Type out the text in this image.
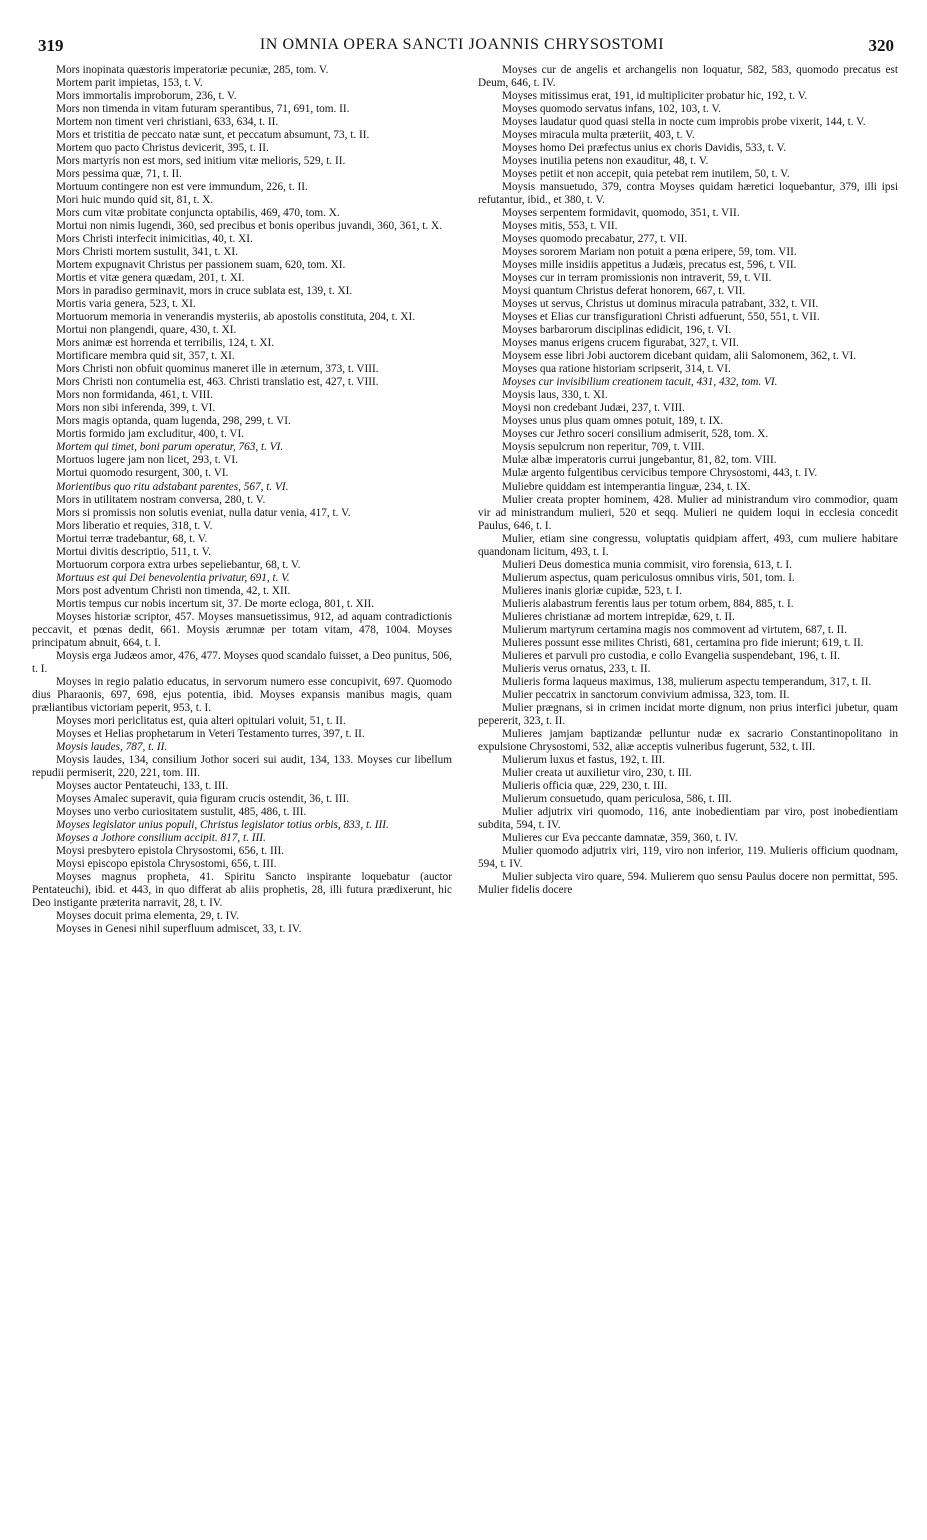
319	IN OMNIA OPERA SANCTI JOANNIS CHRYSOSTOMI	320

Mors inopinata quæstoris imperatoriæ pecuniæ, 285, tom. V.

Mortem parit impietas, 153, t. V.

Mors immortalis improborum, 236, t. V.

Mors non timenda in vitam futuram sperantibus, 71, 691, tom. II.

Mortem non timent veri christiani, 633, 634, t. II.

Mors et tristitia de peccato natæ sunt, et peccatum absumunt, 73, t. II.

Mortem quo pacto Christus devicerit, 395, t. II.

Mors martyris non est mors, sed initium vitæ melioris, 529, t. II.

Mors pessima quæ, 71, t. II.

Mortuum contingere non est vere immundum, 226, t. II.

Mori huic mundo quid sit, 81, t. X.

Mors cum vitæ probitate conjuncta optabilis, 469, 470, tom. X.

Mortui non nimis lugendi, 360, sed precibus et bonis operibus juvandi, 360, 361, t. X.

Mors Christi interfecit inimicitias, 40, t. XI.

Mors Christi mortem sustulit, 341, t. XI.

Mortem expugnavit Christus per passionem suam, 620, tom. XI.

Mortis et vitæ genera quædam, 201, t. XI.

Mors in paradiso germinavit, mors in cruce sublata est, 139, t. XI.

Mortis varia genera, 523, t. XI.

Mortuorum memoria in venerandis mysteriis, ab apostolis constituta, 204, t. XI.

Mortui non plangendi, quare, 430, t. XI.

Mors animæ est horrenda et terribilis, 124, t. XI.

Mortificare membra quid sit, 357, t. XI.

Mors Christi non obfuit quominus maneret ille in æternum, 373, t. VIII.

Mors Christi non contumelia est, 463. Christi translatio est, 427, t. VIII.

Mors non formidanda, 461, t. VIII.

Mors non sibi inferenda, 399, t. VI.

Mors magis optanda, quam lugenda, 298, 299, t. VI.

Mortis formido jam excluditur, 400, t. VI.

Mortem qui timet, boni parum operatur, 763, t. VI.

Mortuos lugere jam non licet, 293, t. VI.

Mortui quomodo resurgent, 300, t. VI.

Morientibus quo ritu adstabant parentes, 567, t. VI.

Mors in utilitatem nostram conversa, 280, t. V.

Mors si promissis non solutis eveniat, nulla datur venia, 417, t. V.

Mors liberatio et requies, 318, t. V.

Mortui terræ tradebantur, 68, t. V.

Mortui divitis descriptio, 511, t. V.

Mortuorum corpora extra urbes sepeliebantur, 68, t. V.

Mortuus est qui Dei benevolentia privatur, 691, t. V.

Mors post adventum Christi non timenda, 42, t. XII.

Mortis tempus cur nobis incertum sit, 37. De morte ecloga, 801, t. XII.

Moyses historiæ scriptor, 457. Moyses mansuetissimus, 912, ad aquam contradictionis peccavit, et pœnas dedit, 661. Moysis ærumnæ per totam vitam, 478, 1004. Moyses principatum abnuit, 664, t. I.

Moysis erga Judæos amor, 476, 477. Moyses quod scandalo fuisset, a Deo punitus, 506, t. I.

Moyses in regio palatio educatus, in servorum numero esse concupivit, 697. Quomodo dius Pharaonis, 697, 698, ejus potentia, ibid. Moyses expansis manibus magis, quam præliantibus victoriam peperit, 953, t. I.

Moyses mori periclitatus est, quia alteri opitulari voluit, 51, t. II.

Moyses et Helias prophetarum in Veteri Testamento turres, 397, t. II.

Moysis laudes, 787, t. II.

Moysis laudes, 134, consilium Jothor soceri sui audit, 134, 133. Moyses cur libellum repudii permiserit, 220, 221, tom. III.

Moyses auctor Pentateuchi, 133, t. III.

Moyses Amalec superavit, quia figuram crucis ostendit, 36, t. III.

Moyses uno verbo curiositatem sustulit, 485, 486, t. III.

Moyses legislator unius populi, Christus legislator totius orbis, 833, t. III.

Moyses a Jothore consilium accipit. 817, t. III.

Moysi presbytero epistola Chrysostomi, 656, t. III.

Moysi episcopo epistola Chrysostomi, 656, t. III.

Moyses magnus propheta, 41. Spiritu Sancto inspirante loquebatur (auctor Pentateuchi), ibid. et 443, in quo differat ab aliis prophetis, 28, illi futura prædixerunt, hic Deo instigante præterita narravit, 28, t. IV.

Moyses docuit prima elementa, 29, t. IV.

Moyses in Genesi nihil superfluum admiscet, 33, t. IV.

Moyses cur de angelis et archangelis non loquatur, 582, 583, quomodo precatus est Deum, 646, t. IV.

Moyses mitissimus erat, 191, id multipliciter probatur hic, 192, t. V.

Moyses quomodo servatus infans, 102, 103, t. V.

Moyses laudatur quod quasi stella in nocte cum improbis probe vixerit, 144, t. V.

Moyses miracula multa præteriit, 403, t. V.

Moyses homo Dei præfectus unius ex choris Davidis, 533, t. V.

Moyses inutilia petens non exauditur, 48, t. V.

Moyses petiit et non accepit, quia petebat rem inutilem, 50, t. V.

Moysis mansuetudo, 379, contra Moyses quidam hæretici loquebantur, 379, illi ipsi refutantur, ibid., et 380, t. V.

Moyses serpentem formidavit, quomodo, 351, t. VII.

Moyses mitis, 553, t. VII.

Moyses quomodo precabatur, 277, t. VII.

Moyses sororem Mariam non potuit a pœna eripere, 59, tom. VII.

Moyses mille insidiis appetitus a Judæis, precatus est, 596, t. VII.

Moyses cur in terram promissionis non intraverit, 59, t. VII.

Moysi quantum Christus deferat honorem, 667, t. VII.

Moyses ut servus, Christus ut dominus miracula patrabant, 332, t. VII.

Moyses et Elias cur transfigurationi Christi adfuerunt, 550, 551, t. VII.

Moyses barbarorum disciplinas edidicit, 196, t. VI.

Moyses manus erigens crucem figurabat, 327, t. VII.

Moysem esse libri Jobi auctorem dicebant quidam, alii Salomonem, 362, t. VI.

Moyses qua ratione historiam scripserit, 314, t. VI.

Moyses cur invisibilium creationem tacuit, 431, 432, tom. VI.

Moysis laus, 330, t. XI.

Moysi non credebant Judæi, 237, t. VIII.

Moyses unus plus quam omnes potuit, 189, t. IX.

Moyses cur Jethro soceri consilium admiserit, 528, tom. X.

Moysis sepulcrum non reperitur, 709, t. VIII.

Mulæ albæ imperatoris currui jungebantur, 81, 82, tom. VIII.

Mulæ argento fulgentibus cervicibus tempore Chrysostomi, 443, t. IV.

Muliebre quiddam est intemperantia linguæ, 234, t. IX.

Mulier creata propter hominem, 428. Mulier ad ministrandum viro commodior, quam vir ad ministrandum mulieri, 520 et seqq. Mulieri ne quidem loqui in ecclesia concedit Paulus, 646, t. I.

Mulier, etiam sine congressu, voluptatis quidpiam affert, 493, cum muliere habitare quandonam licitum, 493, t. I.

Mulieri Deus domestica munia commisit, viro forensia, 613, t. I.

Mulierum aspectus, quam periculosus omnibus viris, 501, tom. I.

Mulieres inanis gloriæ cupidæ, 523, t. I.

Mulieris alabastrum ferentis laus per totum orbem, 884, 885, t. I.

Mulieres christianæ ad mortem intrepidæ, 629, t. II.

Mulierum martyrum certamina magis nos commovent ad virtutem, 687, t. II.

Mulieres possunt esse milites Christi, 681, certamina pro fide inierunt; 619, t. II.

Mulieres et parvuli pro custodia, e collo Evangelia suspendebant, 196, t. II.

Mulieris verus ornatus, 233, t. II.

Mulieris forma laqueus maximus, 138, mulierum aspectu temperandum, 317, t. II.

Mulier peccatrix in sanctorum convivium admissa, 323, tom. II.

Mulier prægnans, si in crimen incidat morte dignum, non prius interfici jubetur, quam pepererit, 323, t. II.

Mulieres jamjam baptizandæ pelluntur nudæ ex sacrario Constantinopolitano in expulsione Chrysostomi, 532, aliæ acceptis vulneribus fugerunt, 532, t. III.

Mulierum luxus et fastus, 192, t. III.

Mulier creata ut auxilietur viro, 230, t. III.

Mulieris officia quæ, 229, 230, t. III.

Mulierum consuetudo, quam periculosa, 586, t. III.

Mulier adjutrix viri quomodo, 116, ante inobedientiam par viro, post inobedientiam subdita, 594, t. IV.

Mulieres cur Eva peccante damnatæ, 359, 360, t. IV.

Mulier quomodo adjutrix viri, 119, viro non inferior, 119. Mulieris officium quodnam, 594, t. IV.

Mulier subjecta viro quare, 594. Mulierem quo sensu Paulus docere non permittat, 595. Mulier fidelis docere
